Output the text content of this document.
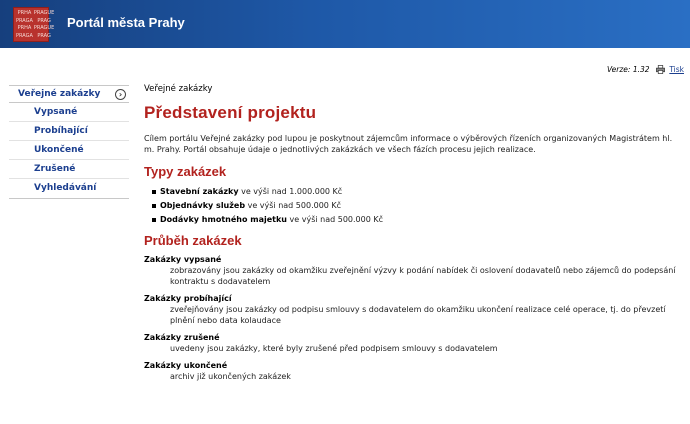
PRHA PRAGUE
PRAGA PRAG
PRHA PRAGUE
PRAGA PRAG
Portál města Prahy
Verze: 1.32	Tisk
Veřejné zakázky	›
Vypsané
Probíhající
Ukončené
Zrušené
Vyhledávání
Veřejné zakázky
Představení projektu

Cílem portálu Veřejné zakázky pod lupou je poskytnout zájemcům informace o výběrových řízeních organizovaných Magistrátem hl. m. Prahy. Portál obsahuje údaje o jednotlivých zakázkách ve všech fázích procesu jejich realizace.

Typy zakázek
Stavební zakázky ve výši nad 1.000.000 Kč
Objednávky služeb ve výši nad 500.000 Kč
Dodávky hmotného majetku ve výši nad 500.000 Kč
Průběh zakázek
Zakázky vypsané
zobrazovány jsou zakázky od okamžiku zveřejnění výzvy k podání nabídek či oslovení dodavatelů nebo zájemců do podepsání kontraktu s dodavatelem
Zakázky probíhající
zveřejňovány jsou zakázky od podpisu smlouvy s dodavatelem do okamžiku ukončení realizace celé operace, tj. do převzetí plnění nebo data kolaudace
Zakázky zrušené
uvedeny jsou zakázky, které byly zrušené před podpisem smlouvy s dodavatelem
Zakázky ukončené
archiv již ukončených zakázek
